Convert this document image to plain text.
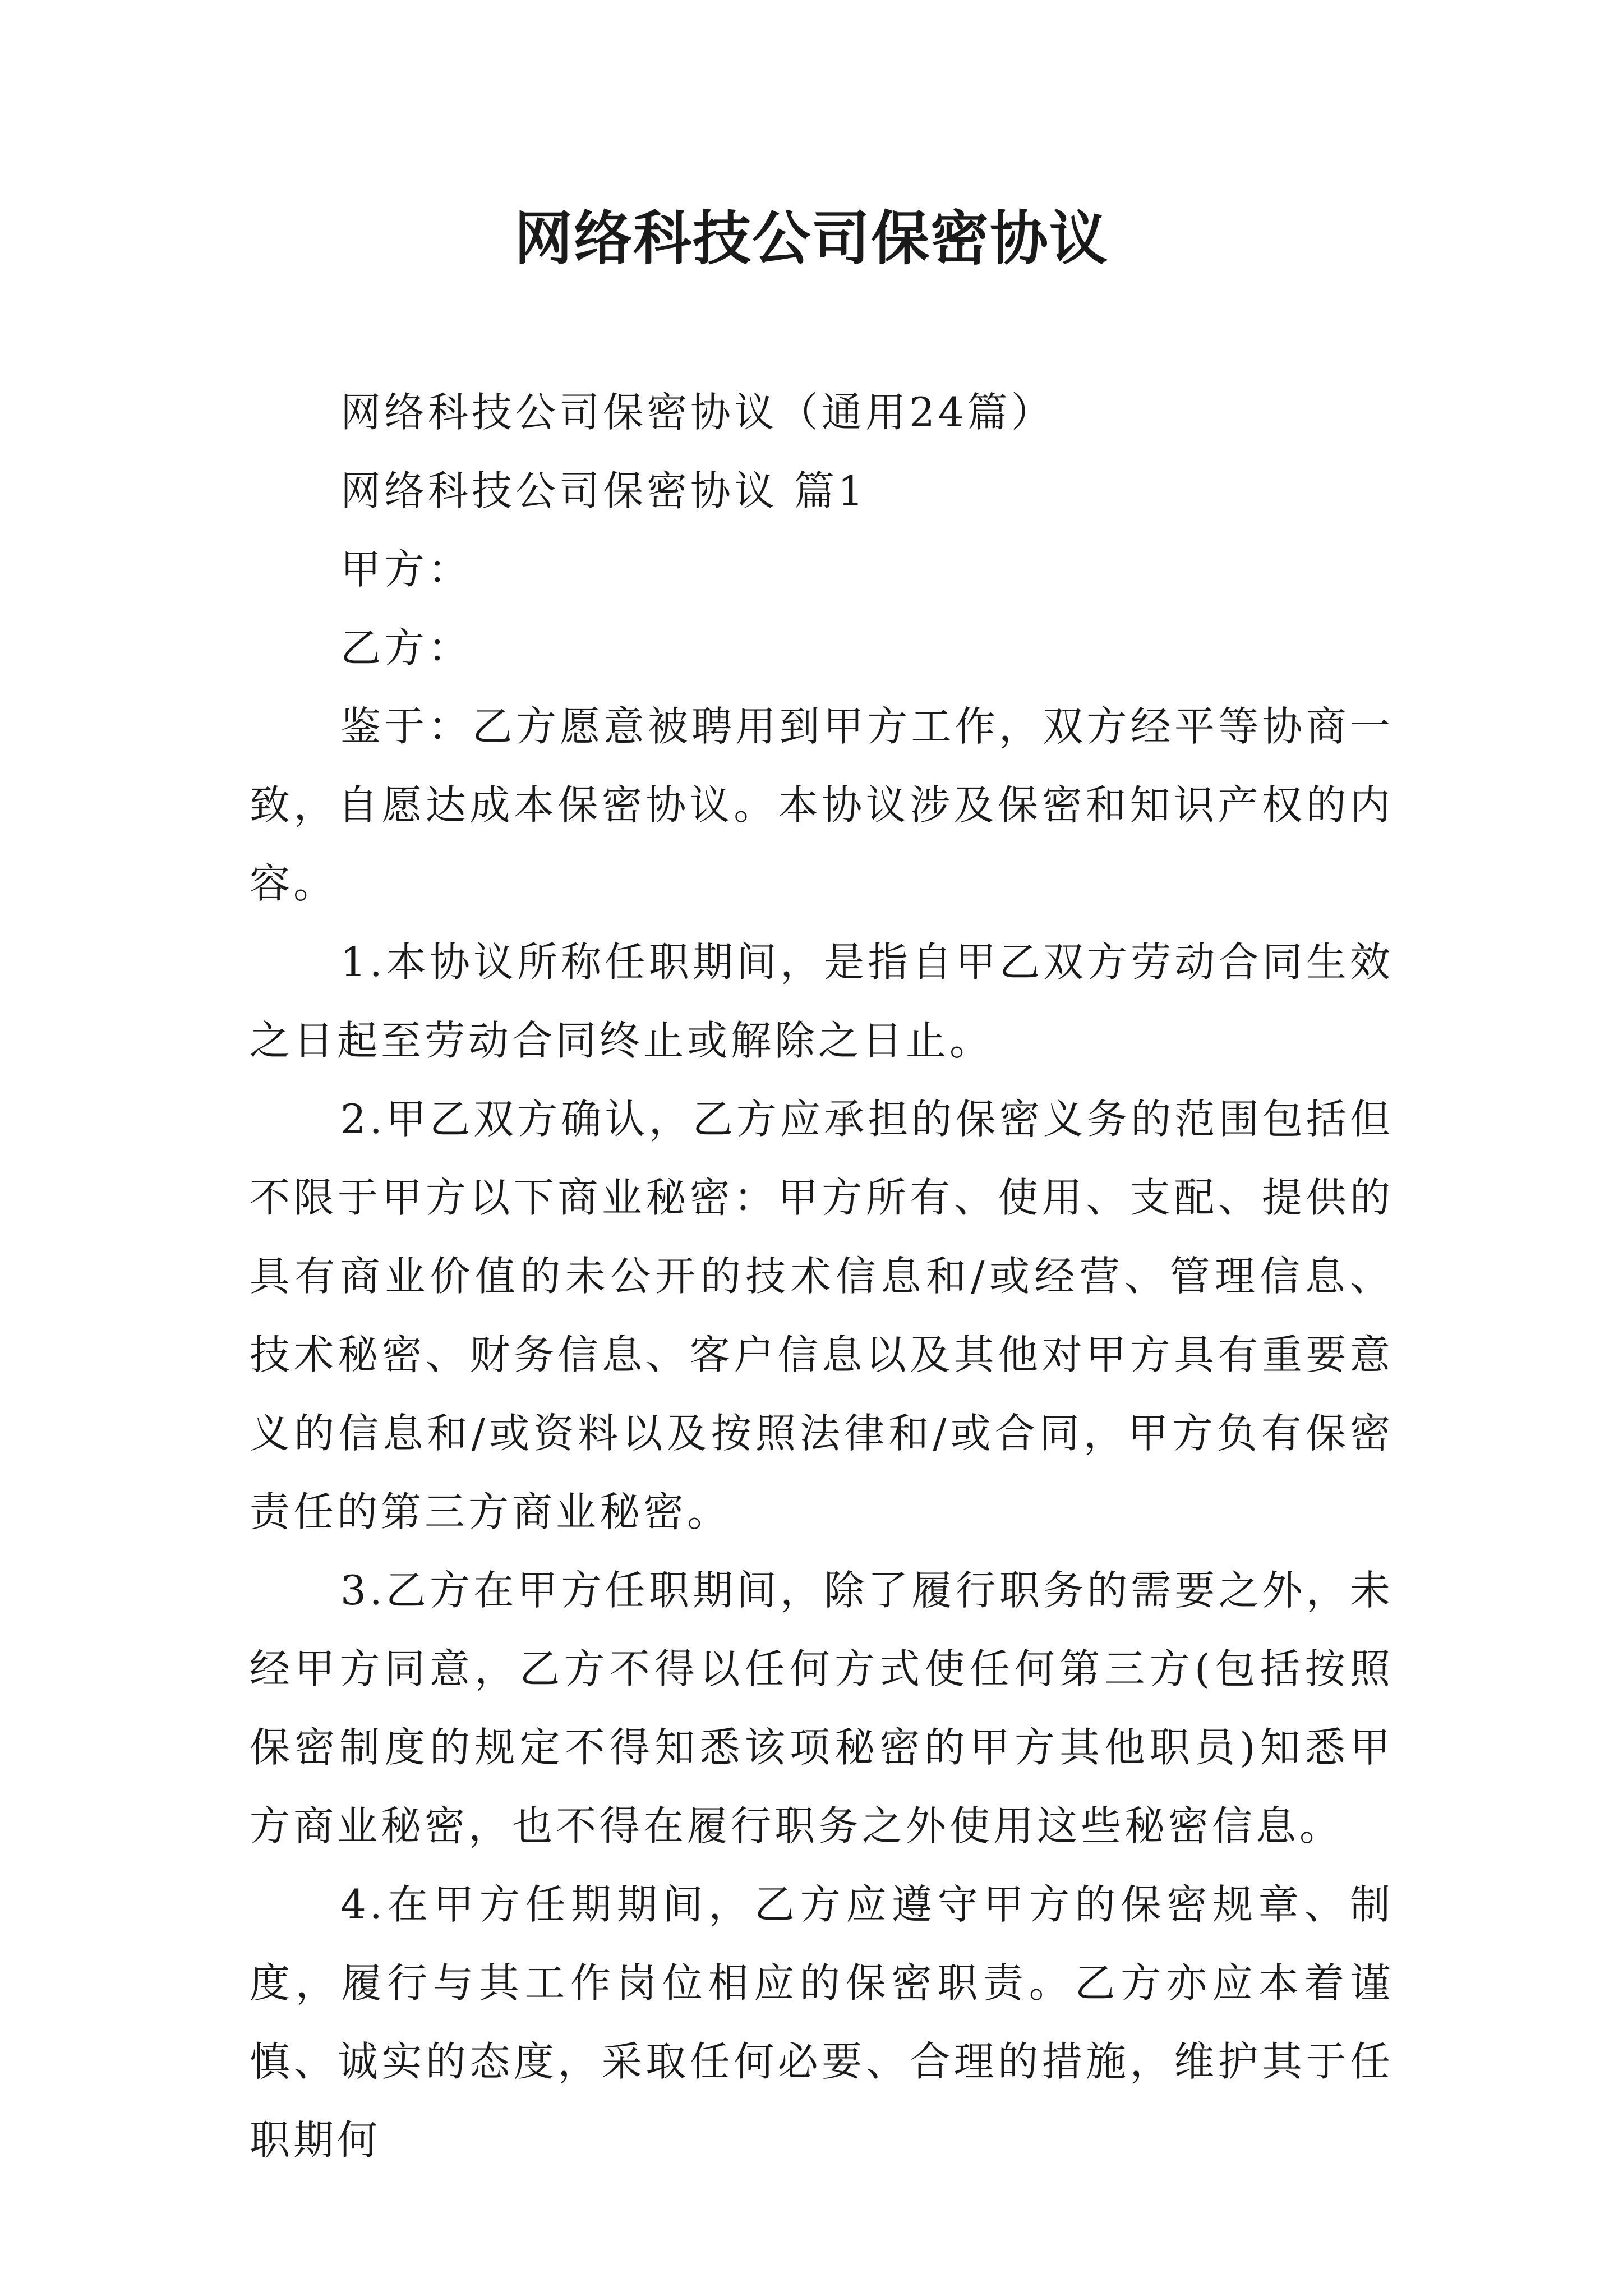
网络科技公司保密协议

网络科技公司保密协议（通用24篇）

网络科技公司保密协议 篇1

甲方：

乙方：

鉴于：乙方愿意被聘用到甲方工作，双方经平等协商一致，自愿达成本保密协议。本协议涉及保密和知识产权的内容。

1.本协议所称任职期间，是指自甲乙双方劳动合同生效之日起至劳动合同终止或解除之日止。

2.甲乙双方确认，乙方应承担的保密义务的范围包括但不限于甲方以下商业秘密：甲方所有、使用、支配、提供的具有商业价值的未公开的技术信息和/或经营、管理信息、技术秘密、财务信息、客户信息以及其他对甲方具有重要意义的信息和/或资料以及按照法律和/或合同，甲方负有保密责任的第三方商业秘密。

3.乙方在甲方任职期间，除了履行职务的需要之外，未经甲方同意，乙方不得以任何方式使任何第三方(包括按照保密制度的规定不得知悉该项秘密的甲方其他职员)知悉甲方商业秘密，也不得在履行职务之外使用这些秘密信息。

4.在甲方任期期间，乙方应遵守甲方的保密规章、制度，履行与其工作岗位相应的保密职责。乙方亦应本着谨慎、诚实的态度，采取任何必要、合理的措施，维护其于任职期何
